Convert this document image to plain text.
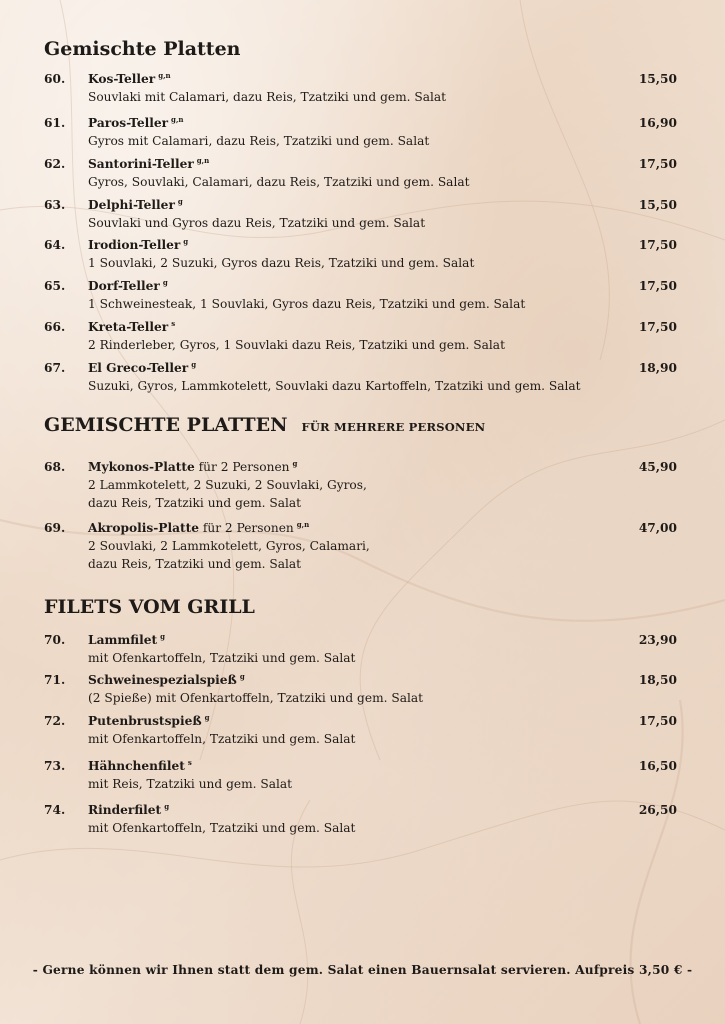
Gemischte Platten
60. Kos-Teller $^{g,n}$
Souvlaki mit Calamari, dazu Reis, Tzatziki und gem. Salat
15,50
61. Paros-Teller $^{g,n}$
Gyros mit Calamari, dazu Reis, Tzatziki und gem. Salat
16,90
62. Santorini-Teller $^{g,n}$
Gyros, Souvlaki, Calamari, dazu Reis, Tzatziki und gem. Salat
17,50
63. Delphi-Teller $^g$
Souvlaki und Gyros dazu Reis, Tzatziki und gem. Salat
15,50
64. Irodion-Teller $^g$
1 Souvlaki, 2 Suzuki, Gyros dazu Reis, Tzatziki und gem. Salat
17,50
65. Dorf-Teller $^g$
1 Schweinesteak, 1 Souvlaki, Gyros dazu Reis, Tzatziki und gem. Salat
17,50
66. Kreta-Teller $^s$
2 Rinderleber, Gyros, 1 Souvlaki dazu Reis, Tzatziki und gem. Salat
17,50
67. El Greco-Teller $^g$
Suzuki, Gyros, Lammkotelett, Souvlaki dazu Kartoffeln, Tzatziki und gem. Salat
18,90
GEMISCHTE PLATTEN FÜR MEHRERE PERSONEN
68. Mykonos-Platte für 2 Personen $^g$
2 Lammkotelett, 2 Suzuki, 2 Souvlaki, Gyros,
dazu Reis, Tzatziki und gem. Salat
45,90
69. Akropolis-Platte für 2 Personen $^{g,n}$
2 Souvlaki, 2 Lammkotelett, Gyros, Calamari,
dazu Reis, Tzatziki und gem. Salat
47,00
FILETS VOM GRILL
70. Lammfilet $^g$
mit Ofenkartoffeln, Tzatziki und gem. Salat
23,90
71. Schweinespezialspieß $^g$
(2 Spieße) mit Ofenkartoffeln, Tzatziki und gem. Salat
18,50
72. Putenbrustspieß $^g$
mit Ofenkartoffeln, Tzatziki und gem. Salat
17,50
73. Hähnchenfilet $^s$
mit Reis, Tzatziki und gem. Salat
16,50
74. Rinderfilet $^g$
mit Ofenkartoffeln, Tzatziki und gem. Salat
26,50
- Gerne können wir Ihnen statt dem gem. Salat einen Bauernsalat servieren. Aufpreis 3,50 € -
